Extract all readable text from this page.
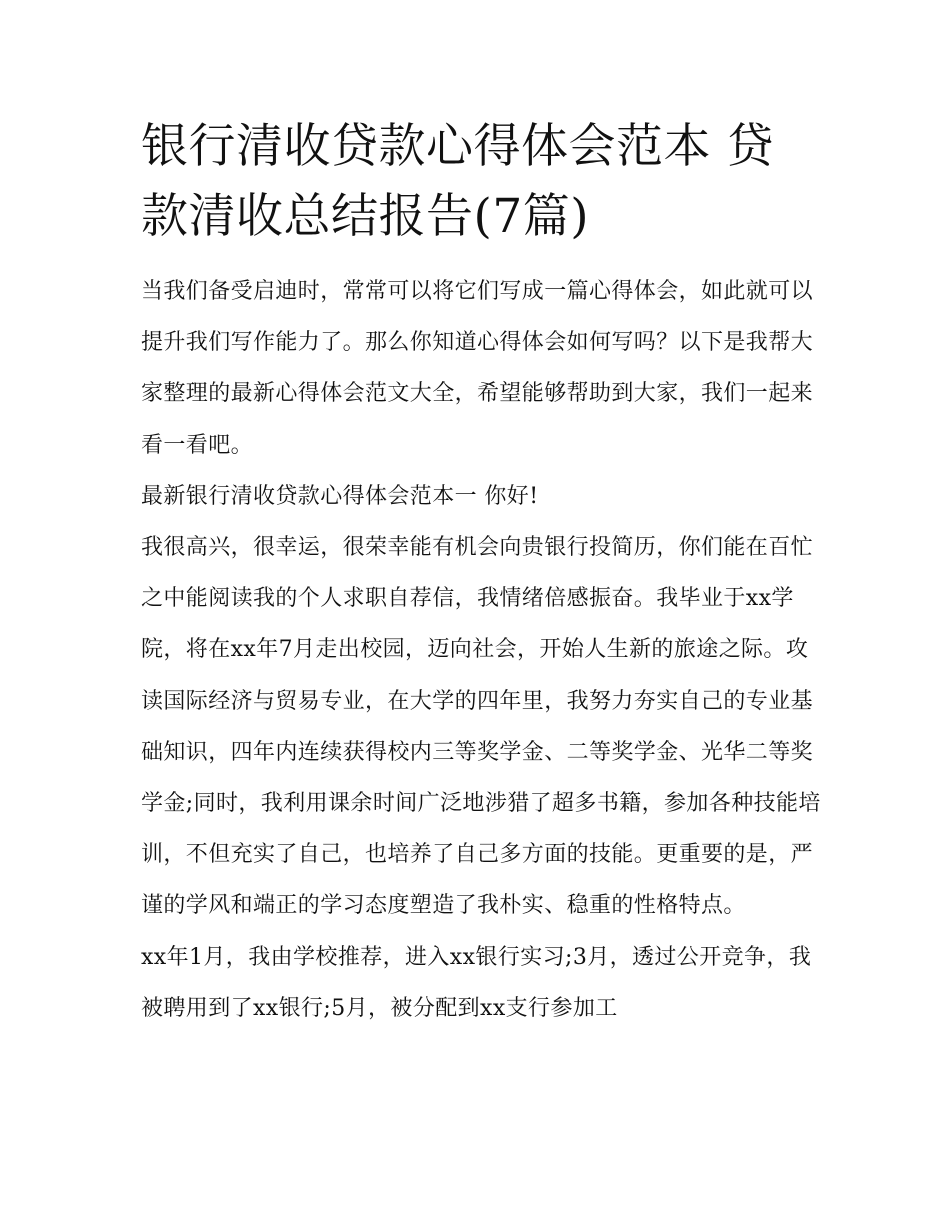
银行清收贷款心得体会范本 贷款清收总结报告(7篇)

当我们备受启迪时，常常可以将它们写成一篇心得体会，如此就可以提升我们写作能力了。那么你知道心得体会如何写吗？以下是我帮大家整理的最新心得体会范文大全，希望能够帮助到大家，我们一起来看一看吧。

最新银行清收贷款心得体会范本一 你好!

我很高兴，很幸运，很荣幸能有机会向贵银行投简历，你们能在百忙之中能阅读我的个人求职自荐信，我情绪倍感振奋。我毕业于xx学院，将在xx年7月走出校园，迈向社会，开始人生新的旅途之际。攻读国际经济与贸易专业，在大学的四年里，我努力夯实自己的专业基础知识，四年内连续获得校内三等奖学金、二等奖学金、光华二等奖学金;同时，我利用课余时间广泛地涉猎了超多书籍，参加各种技能培训，不但充实了自己，也培养了自己多方面的技能。更重要的是，严谨的学风和端正的学习态度塑造了我朴实、稳重的性格特点。

xx年1月，我由学校推荐，进入xx银行实习;3月，透过公开竞争，我被聘用到了xx银行;5月，被分配到xx支行参加工
